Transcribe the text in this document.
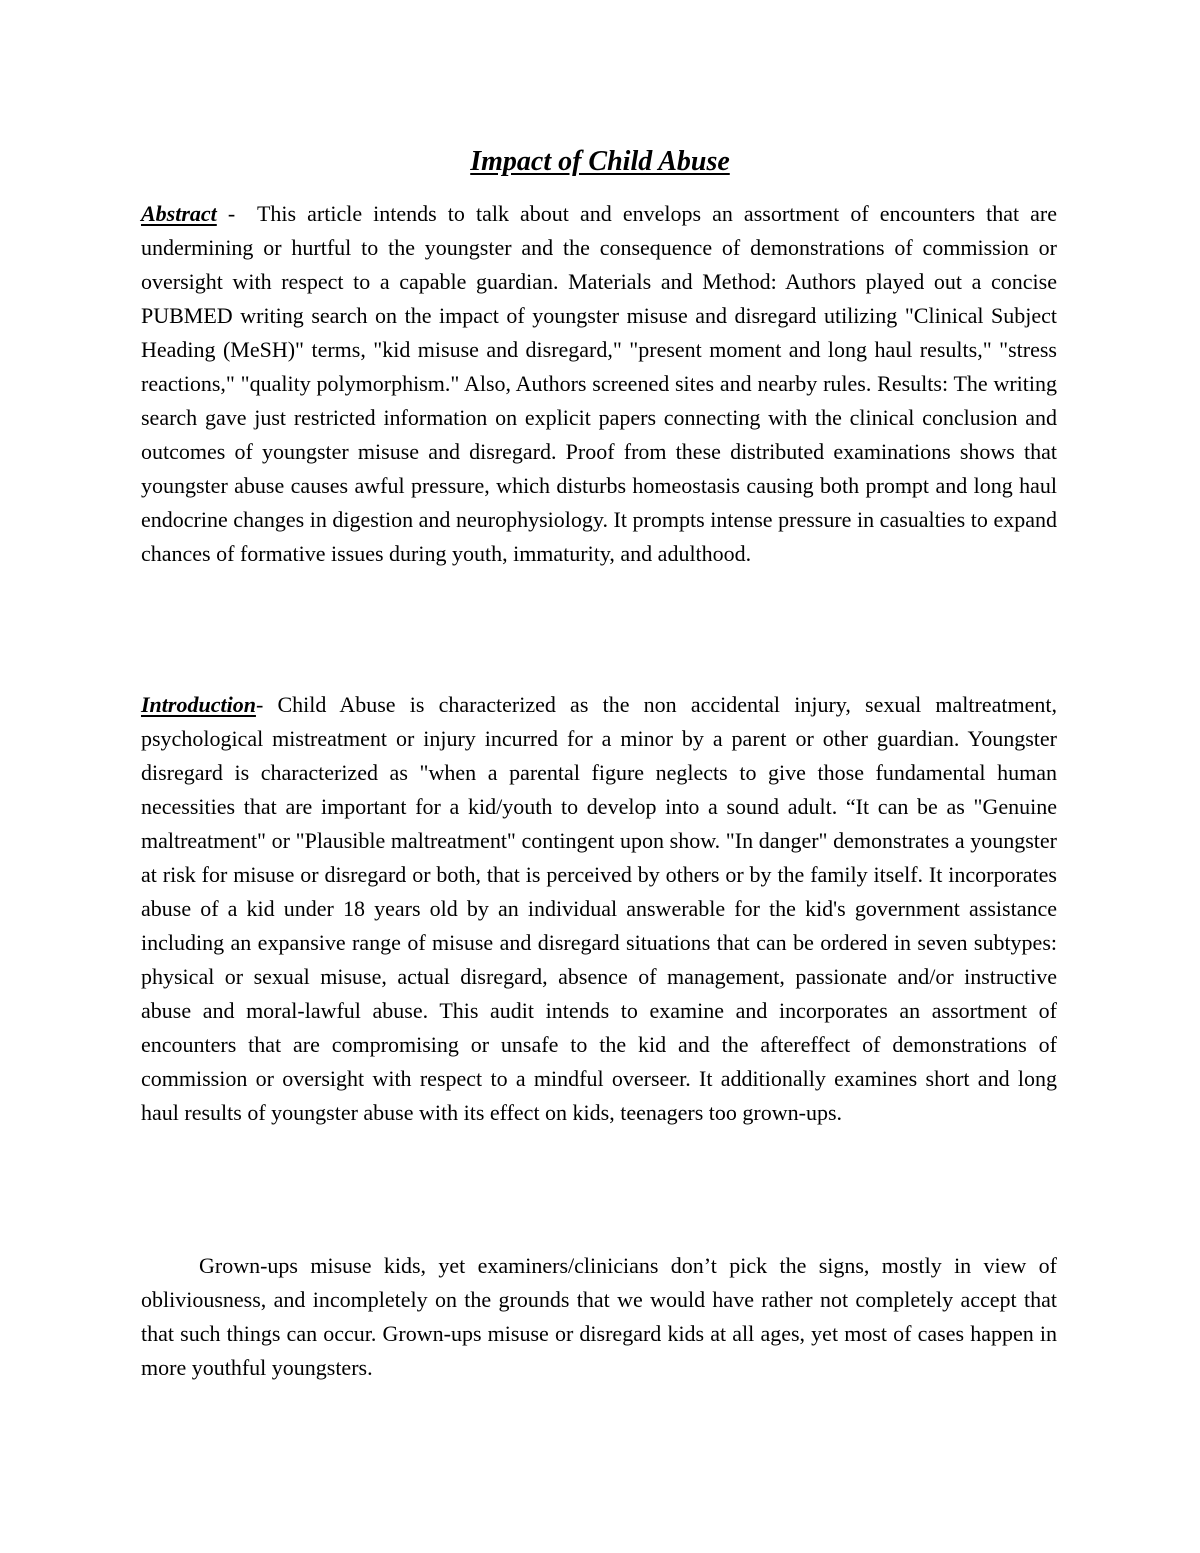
Impact of Child Abuse

Abstract -  This article intends to talk about and envelops an assortment of encounters that are undermining or hurtful to the youngster and the consequence of demonstrations of commission or oversight with respect to a capable guardian. Materials and Method: Authors played out a concise PUBMED writing search on the impact of youngster misuse and disregard utilizing "Clinical Subject Heading (MeSH)" terms, "kid misuse and disregard," "present moment and long haul results," "stress reactions," "quality polymorphism." Also, Authors screened sites and nearby rules. Results: The writing search gave just restricted information on explicit papers connecting with the clinical conclusion and outcomes of youngster misuse and disregard. Proof from these distributed examinations shows that youngster abuse causes awful pressure, which disturbs homeostasis causing both prompt and long haul endocrine changes in digestion and neurophysiology. It prompts intense pressure in casualties to expand chances of formative issues during youth, immaturity, and adulthood.

Introduction- Child Abuse is characterized as the non accidental injury, sexual maltreatment, psychological mistreatment or injury incurred for a minor by a parent or other guardian. Youngster disregard is characterized as "when a parental figure neglects to give those fundamental human necessities that are important for a kid/youth to develop into a sound adult. “It can be as "Genuine maltreatment" or "Plausible maltreatment" contingent upon show. "In danger" demonstrates a youngster at risk for misuse or disregard or both, that is perceived by others or by the family itself. It incorporates abuse of a kid under 18 years old by an individual answerable for the kid's government assistance including an expansive range of misuse and disregard situations that can be ordered in seven subtypes: physical or sexual misuse, actual disregard, absence of management, passionate and/or instructive abuse and moral-lawful abuse. This audit intends to examine and incorporates an assortment of encounters that are compromising or unsafe to the kid and the aftereffect of demonstrations of commission or oversight with respect to a mindful overseer. It additionally examines short and long haul results of youngster abuse with its effect on kids, teenagers too grown-ups.

Grown-ups misuse kids, yet examiners/clinicians don’t pick the signs, mostly in view of obliviousness, and incompletely on the grounds that we would have rather not completely accept that that such things can occur. Grown-ups misuse or disregard kids at all ages, yet most of cases happen in more youthful youngsters.
